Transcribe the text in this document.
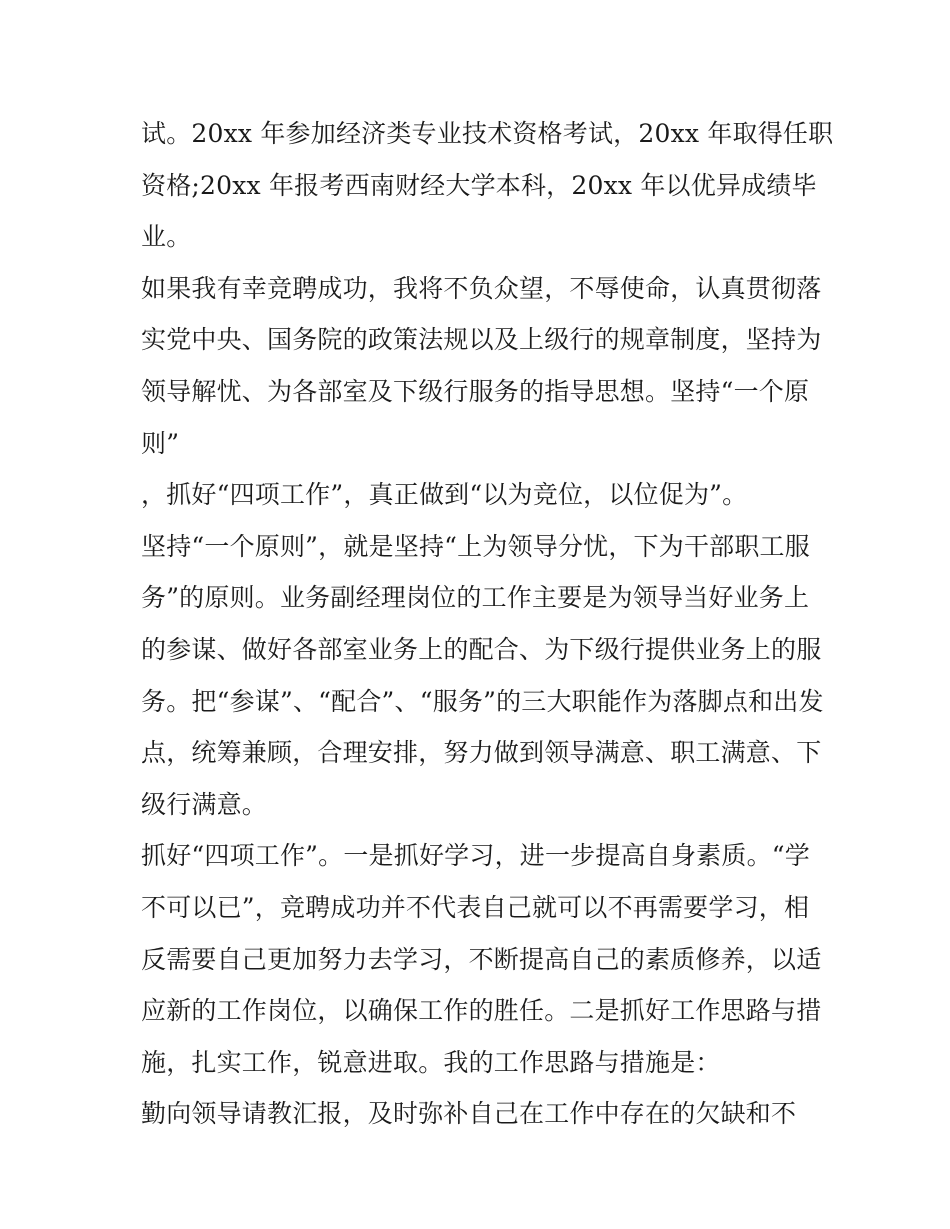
试。20xx 年参加经济类专业技术资格考试，20xx 年取得任职
资格;20xx 年报考西南财经大学本科，20xx 年以优异成绩毕
业。
如果我有幸竞聘成功，我将不负众望，不辱使命，认真贯彻落
实党中央、国务院的政策法规以及上级行的规章制度，坚持为
领导解忧、为各部室及下级行服务的指导思想。坚持“一个原
则”
，抓好“四项工作”，真正做到“以为竞位，以位促为”。
坚持“一个原则”，就是坚持“上为领导分忧，下为干部职工服
务”的原则。业务副经理岗位的工作主要是为领导当好业务上
的参谋、做好各部室业务上的配合、为下级行提供业务上的服
务。把“参谋”、“配合”、“服务”的三大职能作为落脚点和出发
点，统筹兼顾，合理安排，努力做到领导满意、职工满意、下
级行满意。
抓好“四项工作”。一是抓好学习，进一步提高自身素质。“学
不可以已”，竞聘成功并不代表自己就可以不再需要学习，相
反需要自己更加努力去学习，不断提高自己的素质修养，以适
应新的工作岗位，以确保工作的胜任。二是抓好工作思路与措
施，扎实工作，锐意进取。我的工作思路与措施是：
勤向领导请教汇报，及时弥补自己在工作中存在的欠缺和不
